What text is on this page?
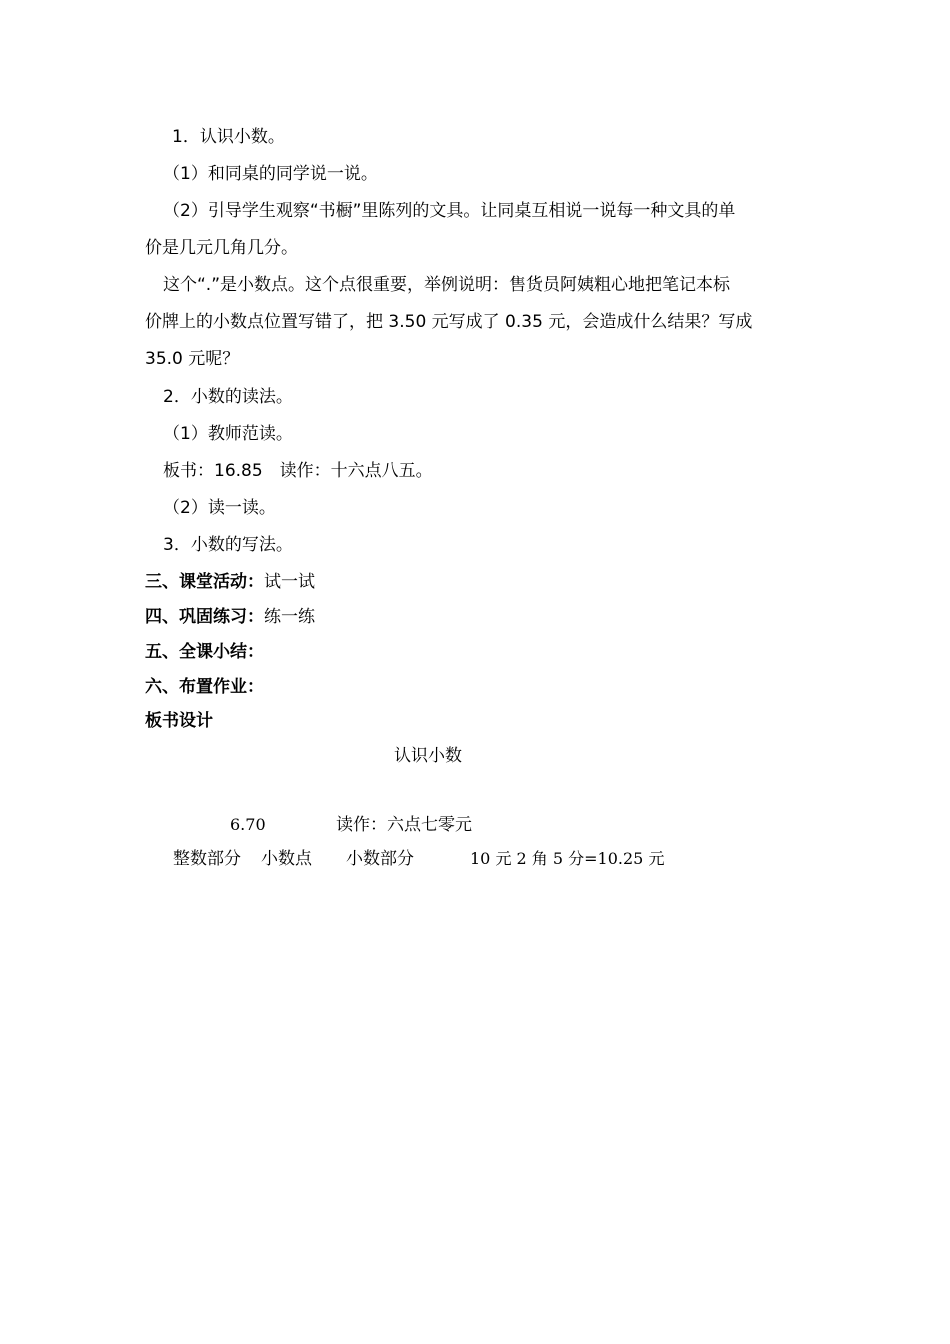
1．认识小数。
（1）和同桌的同学说一说。
（2）引导学生观察“书橱”里陈列的文具。让同桌互相说一说每一种文具的单
价是几元几角几分。
这个“.”是小数点。这个点很重要，举例说明：售货员阿姨粗心地把笔记本标
价牌上的小数点位置写错了，把 3.50 元写成了 0.35 元，会造成什么结果？写成
35.0 元呢？
2．小数的读法。
（1）教师范读。
板书：16.85　读作：十六点八五。
（2）读一读。
3．小数的写法。
三、课堂活动：试一试
四、巩固练习：练一练
五、全课小结：
六、布置作业：
板书设计
认识小数
6.70	读作：六点七零元
整数部分 小数点 小数部分	10 元 2 角 5 分=10.25 元
